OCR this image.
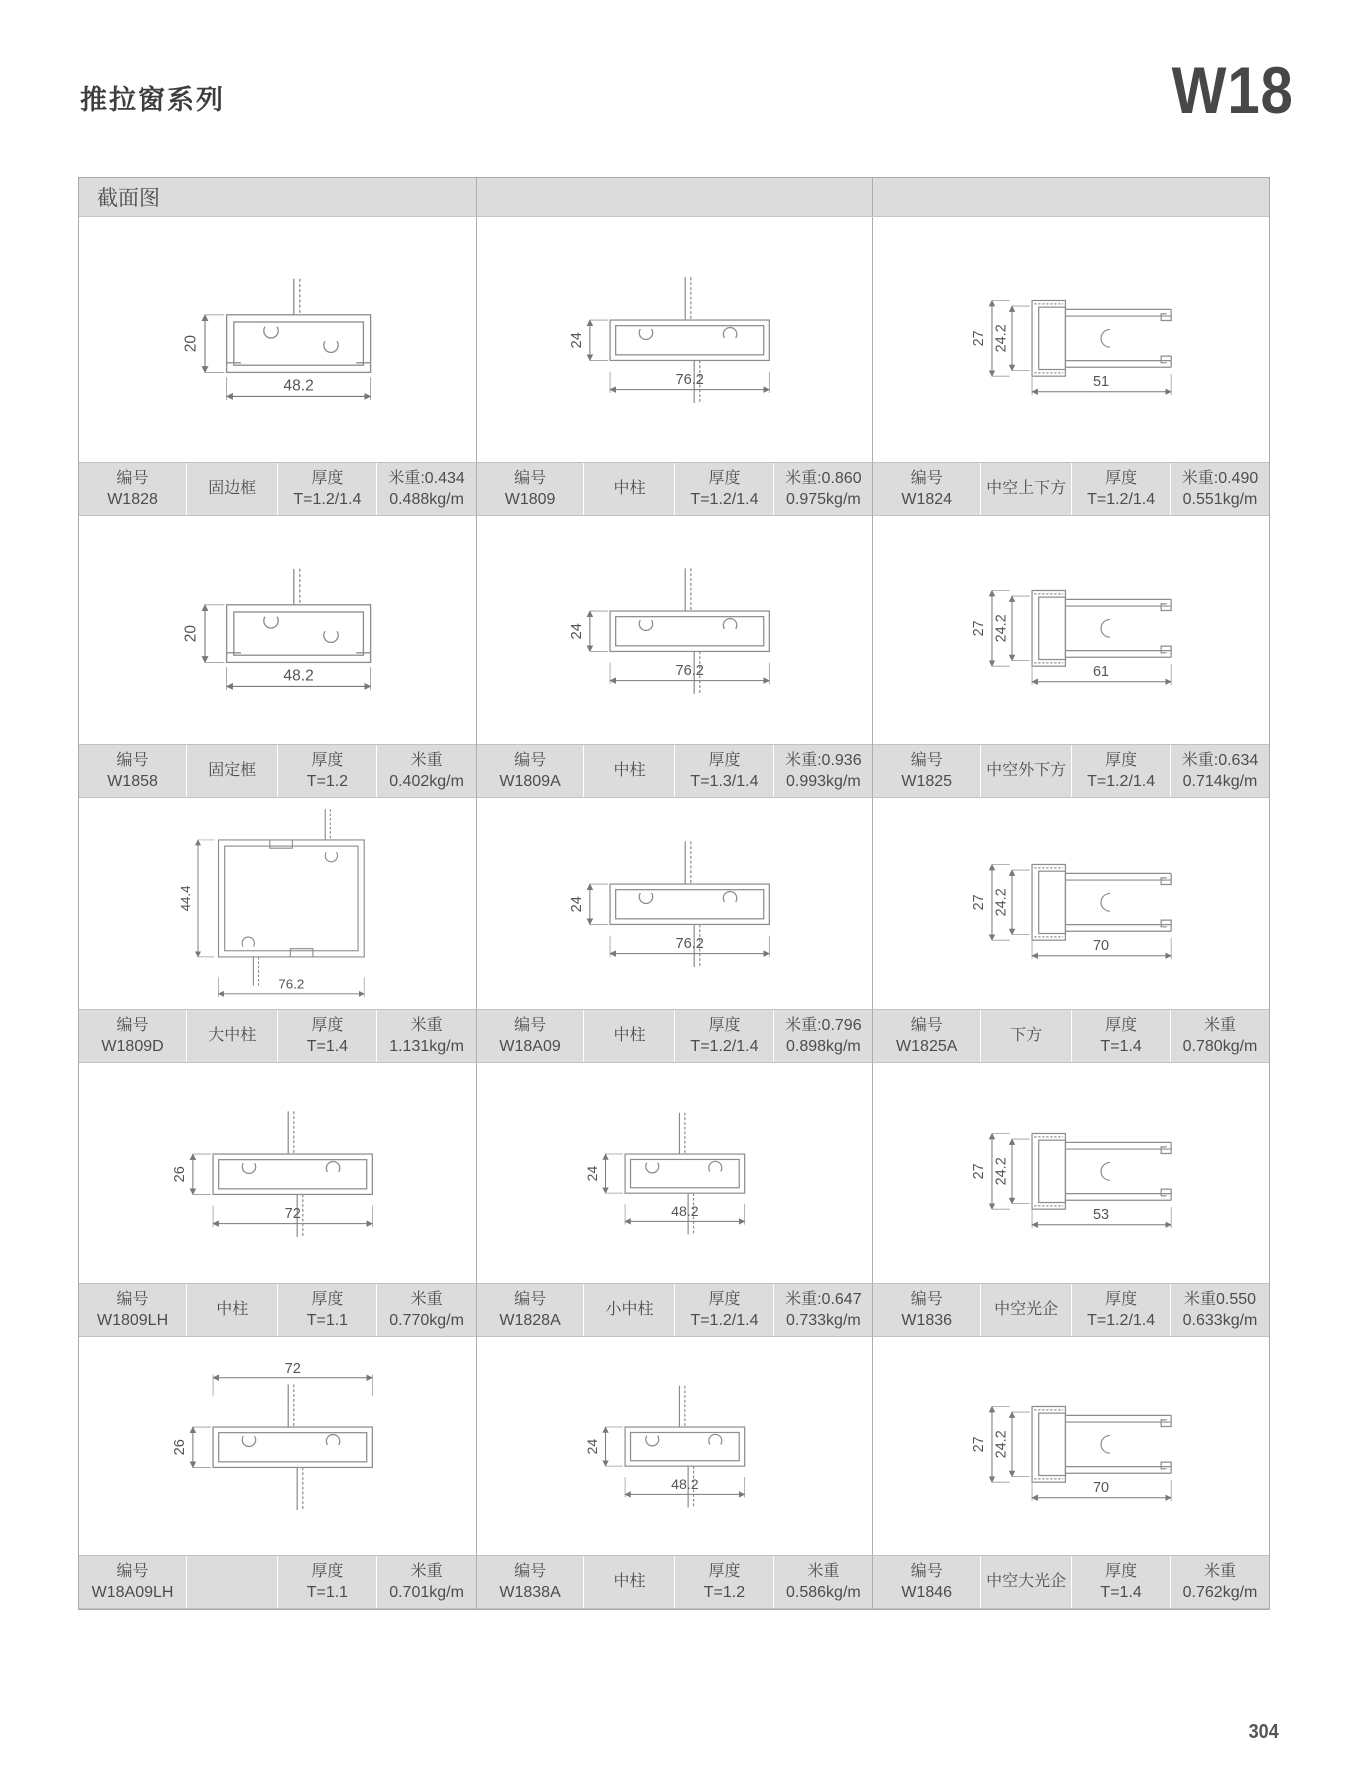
推拉窗系列	W18
截面图
20
48.2
编号
W1828
固边框
厚度
T=1.2/1.4
米重:0.434
0.488kg/m
20
48.2
编号
W1858
固定框
厚度
T=1.2
米重
0.402kg/m
44.4
76.2
编号
W1809D
大中柱
厚度
T=1.4
米重
1.131kg/m
26
72
编号
W1809LH
中柱
厚度
T=1.1
米重
0.770kg/m
26
72
编号
W18A09LH
厚度
T=1.1
米重
0.701kg/m
24
76.2
编号
W1809
中柱
厚度
T=1.2/1.4
米重:0.860
0.975kg/m
24
76.2
编号
W1809A
中柱
厚度
T=1.3/1.4
米重:0.936
0.993kg/m
24
76.2
编号
W18A09
中柱
厚度
T=1.2/1.4
米重:0.796
0.898kg/m
24
48.2
编号
W1828A
小中柱
厚度
T=1.2/1.4
米重:0.647
0.733kg/m
24
48.2
编号
W1838A
中柱
厚度
T=1.2
米重
0.586kg/m
27 24.2
51
编号
W1824
中空上下方
厚度
T=1.2/1.4
米重:0.490
0.551kg/m
27 24.2
61
编号
W1825
中空外下方
厚度
T=1.2/1.4
米重:0.634
0.714kg/m
27 24.2
70
编号
W1825A
下方
厚度
T=1.4
米重
0.780kg/m
27 24.2
53
编号
W1836
中空光企
厚度
T=1.2/1.4
米重0.550
0.633kg/m
27 24.2
70
编号
W1846
中空大光企
厚度
T=1.4
米重
0.762kg/m
304
